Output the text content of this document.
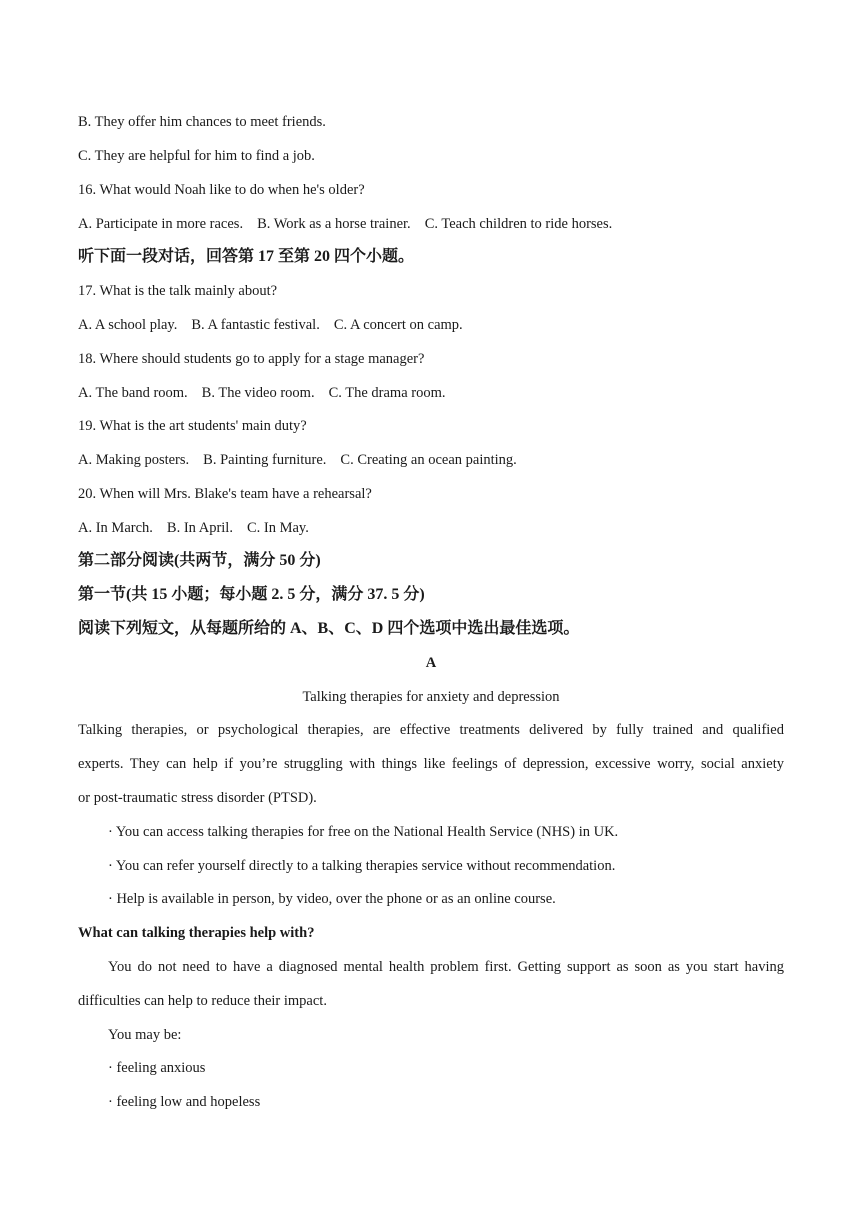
B. They offer him chances to meet friends.
C. They are helpful for him to find a job.
16. What would Noah like to do when he's older?
A. Participate in more races. B. Work as a horse trainer. C. Teach children to ride horses.
听下面一段对话，回答第 17 至第 20 四个小题。
17. What is the talk mainly about?
A. A school play. B. A fantastic festival. C. A concert on camp.
18. Where should students go to apply for a stage manager?
A. The band room. B. The video room. C. The drama room.
19. What is the art students' main duty?
A. Making posters. B. Painting furniture. C. Creating an ocean painting.
20. When will Mrs. Blake's team have a rehearsal?
A. In March. B. In April. C. In May.
第二部分阅读(共两节，满分 50 分)
第一节(共 15 小题；每小题 2. 5 分，满分 37. 5 分)
阅读下列短文，从每题所给的 A、B、C、D 四个选项中选出最佳选项。
A
Talking therapies for anxiety and depression
Talking therapies, or psychological therapies, are effective treatments delivered by fully trained and qualified
experts. They can help if you’re struggling with things like feelings of depression, excessive worry, social anxiety
or post-traumatic stress disorder (PTSD).
· You can access talking therapies for free on the National Health Service (NHS) in UK.
· You can refer yourself directly to a talking therapies service without recommendation.
· Help is available in person, by video, over the phone or as an online course.
What can talking therapies help with?
You do not need to have a diagnosed mental health problem first. Getting support as soon as you start having
difficulties can help to reduce their impact.
You may be:
· feeling anxious
· feeling low and hopeless
